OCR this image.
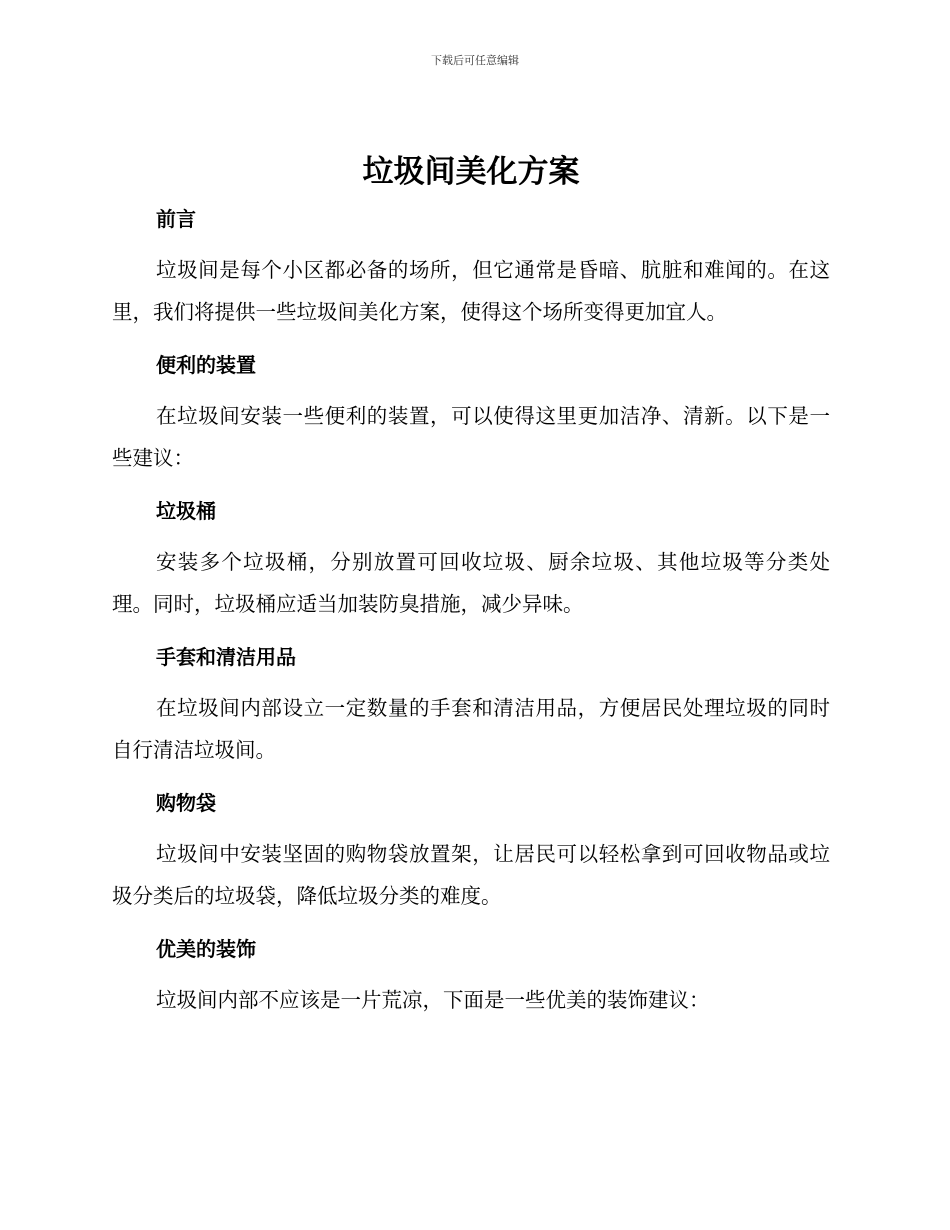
下载后可任意编辑
垃圾间美化方案
前言

垃圾间是每个小区都必备的场所，但它通常是昏暗、肮脏和难闻的。在这里，我们将提供一些垃圾间美化方案，使得这个场所变得更加宜人。

便利的装置

在垃圾间安装一些便利的装置，可以使得这里更加洁净、清新。以下是一些建议：

垃圾桶

安装多个垃圾桶，分别放置可回收垃圾、厨余垃圾、其他垃圾等分类处理。同时，垃圾桶应适当加装防臭措施，减少异味。

手套和清洁用品

在垃圾间内部设立一定数量的手套和清洁用品，方便居民处理垃圾的同时自行清洁垃圾间。

购物袋

垃圾间中安装坚固的购物袋放置架，让居民可以轻松拿到可回收物品或垃圾分类后的垃圾袋，降低垃圾分类的难度。

优美的装饰

垃圾间内部不应该是一片荒凉，下面是一些优美的装饰建议：
